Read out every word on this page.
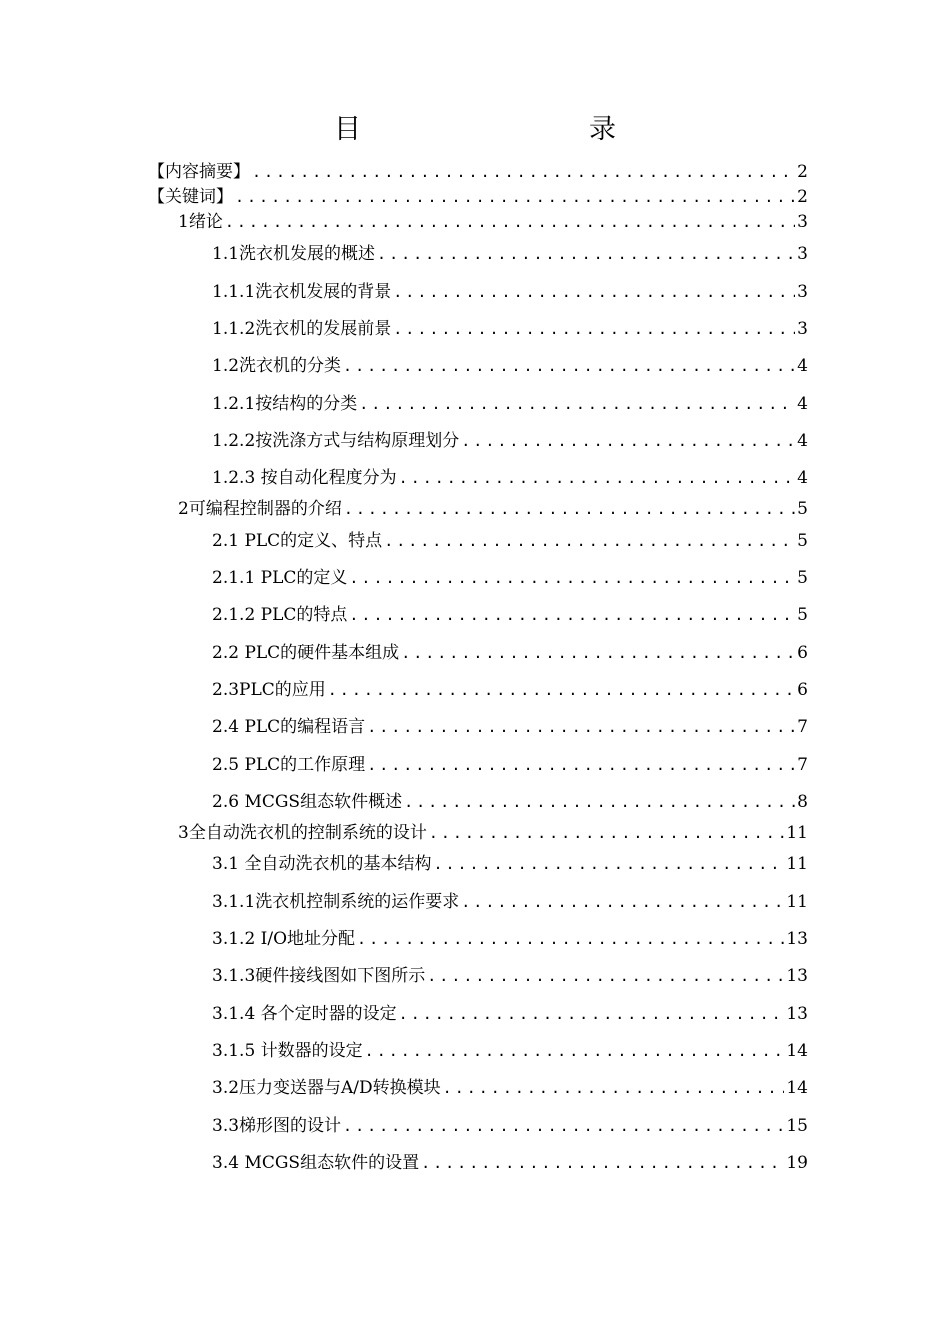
目　　录
【内容摘要】 .....	2
【关键词】 .....	2
1绪论 .....	3
1.1洗衣机发展的概述 .....	3
1.1.1洗衣机发展的背景 .....	3
1.1.2洗衣机的发展前景 .....	3
1.2洗衣机的分类 .....	4
1.2.1按结构的分类 .....	4
1.2.2按洗涤方式与结构原理划分 .....	4
1.2.3 按自动化程度分为 .....	4
2可编程控制器的介绍 .....	5
2.1 PLC的定义、特点 .....	5
2.1.1 PLC的定义 .....	5
2.1.2 PLC的特点 .....	5
2.2 PLC的硬件基本组成 .....	6
2.3PLC的应用 .....	6
2.4 PLC的编程语言 .....	7
2.5 PLC的工作原理 .....	7
2.6 MCGS组态软件概述 .....	8
3全自动洗衣机的控制系统的设计 .....	11
3.1 全自动洗衣机的基本结构 .....	11
3.1.1洗衣机控制系统的运作要求 .....	11
3.1.2 I/O地址分配 .....	13
3.1.3硬件接线图如下图所示 .....	13
3.1.4 各个定时器的设定 .....	13
3.1.5 计数器的设定 .....	14
3.2压力变送器与A/D转换模块 .....	14
3.3梯形图的设计 .....	15
3.4 MCGS组态软件的设置 .....	19
